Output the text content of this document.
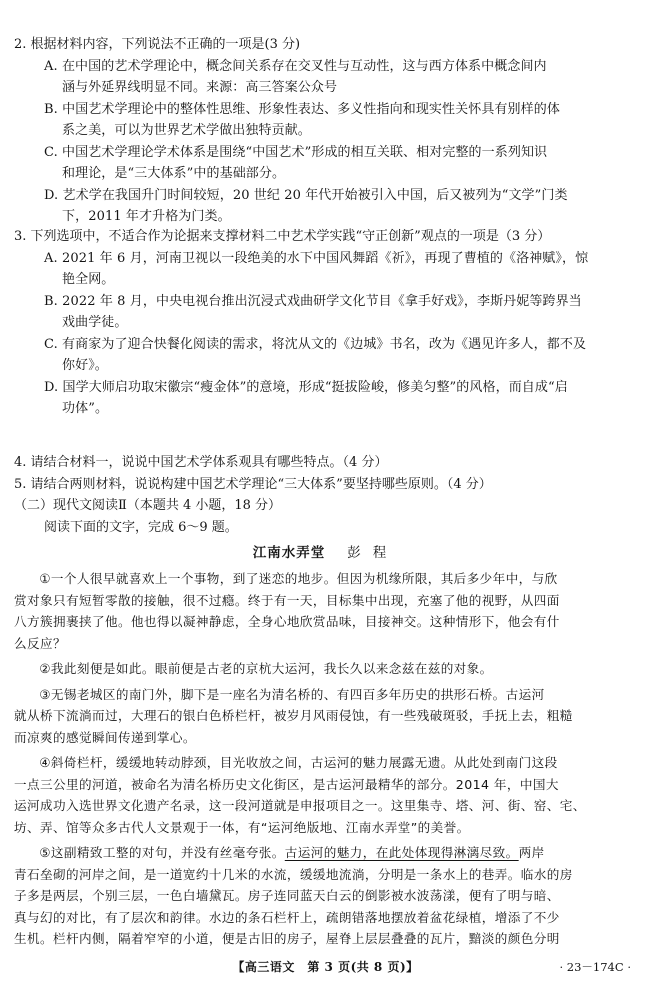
2. 根据材料内容，下列说法不正确的一项是(3 分)
A. 在中国的艺术学理论中，概念间关系存在交叉性与互动性，这与西方体系中概念间内
涵与外延界线明显不同。来源：高三答案公众号
B. 中国艺术学理论中的整体性思维、形象性表达、多义性指向和现实性关怀具有别样的体
系之美，可以为世界艺术学做出独特贡献。
C. 中国艺术学理论学术体系是围绕“中国艺术”形成的相互关联、相对完整的一系列知识
和理论，是“三大体系”中的基础部分。
D. 艺术学在我国升门时间较短，20 世纪 20 年代开始被引入中国，后又被列为“文学”门类
下，2011 年才升格为门类。
3. 下列选项中，不适合作为论据来支撑材料二中艺术学实践“守正创新”观点的一项是（3 分）
A. 2021 年 6 月，河南卫视以一段绝美的水下中国风舞蹈《祈》，再现了曹植的《洛神赋》，惊
艳全网。
B. 2022 年 8 月，中央电视台推出沉浸式戏曲研学文化节目《拿手好戏》，李斯丹妮等跨界当
戏曲学徒。
C. 有商家为了迎合快餐化阅读的需求，将沈从文的《边城》书名，改为《遇见许多人，都不及
你好》。
D. 国学大师启功取宋徽宗“瘦金体”的意境，形成“挺拔险峻，修美匀整”的风格，而自成“启
功体”。
4. 请结合材料一，说说中国艺术学体系观具有哪些特点。（4 分）
5. 请结合两则材料，说说构建中国艺术学理论“三大体系”要坚持哪些原则。（4 分）
（二）现代文阅读Ⅱ（本题共 4 小题，18 分）
阅读下面的文字，完成 6～9 题。
江南水弄堂 彭程
①一个人很早就喜欢上一个事物，到了迷恋的地步。但因为机缘所限，其后多少年中，与欣
赏对象只有短暂零散的接触，很不过瘾。终于有一天，目标集中出现，充塞了他的视野，从四面
八方簇拥裹挟了他。他也得以凝神静虑，全身心地欣赏品味，目接神交。这种情形下，他会有什
么反应？
②我此刻便是如此。眼前便是古老的京杭大运河，我长久以来念兹在兹的对象。
③无锡老城区的南门外，脚下是一座名为清名桥的、有四百多年历史的拱形石桥。古运河
就从桥下流淌而过，大理石的银白色桥栏杆，被岁月风雨侵蚀，有一些残破斑驳，手抚上去，粗糙
而凉爽的感觉瞬间传递到掌心。
④斜倚栏杆，缓缓地转动脖颈，目光收放之间，古运河的魅力展露无遗。从此处到南门这段
一点三公里的河道，被命名为清名桥历史文化街区，是古运河最精华的部分。2014 年，中国大
运河成功入选世界文化遗产名录，这一段河道就是申报项目之一。这里集寺、塔、河、街、窑、宅、
坊、弄、馆等众多古代人文景观于一体，有“运河绝版地、江南水弄堂”的美誉。
⑤这副精致工整的对句，并没有丝毫夸张。古运河的魅力，在此处体现得淋漓尽致。两岸
青石垒砌的河岸之间，是一道宽约十几米的水流，缓缓地流淌，分明是一条水上的巷弄。临水的房
子多是两层，个别三层，一色白墙黛瓦。房子连同蓝天白云的倒影被水波荡漾，便有了明与暗、
真与幻的对比，有了层次和韵律。水边的条石栏杆上，疏朗错落地摆放着盆花绿植，增添了不少
生机。栏杆内侧，隔着窄窄的小道，便是古旧的房子，屋脊上层层叠叠的瓦片，黯淡的颜色分明
【高三语文　第 3 页(共 8 页)】	· 23－174C ·
